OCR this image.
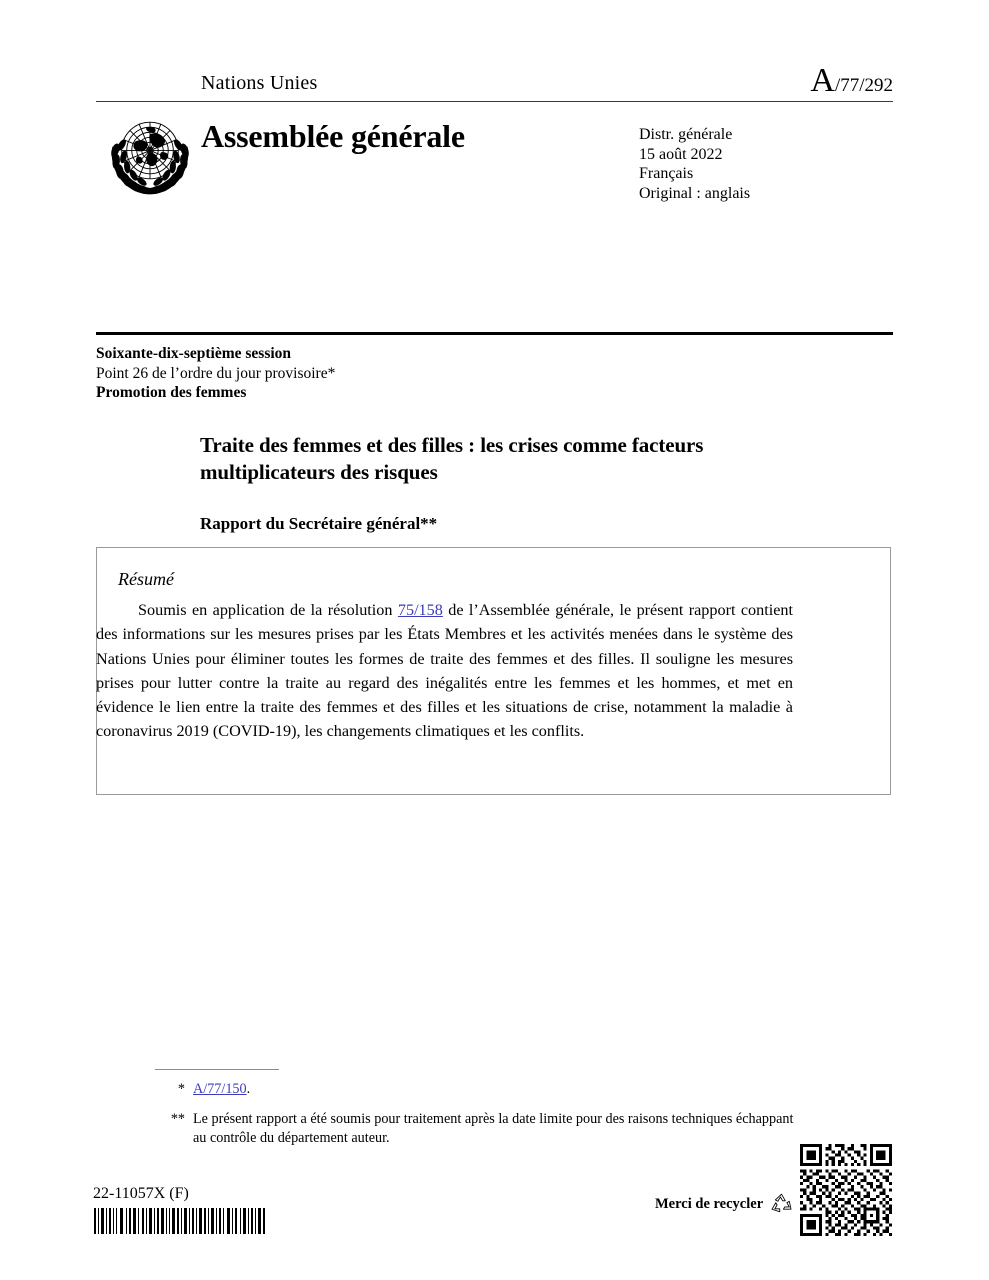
Nations Unies	A/77/292
Assemblée générale	Distr. générale
15 août 2022
Français
Original : anglais
Soixante-dix-septième session
Point 26 de l’ordre du jour provisoire*
Promotion des femmes
Traite des femmes et des filles : les crises comme facteurs multiplicateurs des risques
Rapport du Secrétaire général**
Résumé
Soumis en application de la résolution 75/158 de l’Assemblée générale, le présent rapport contient des informations sur les mesures prises par les États Membres et les activités menées dans le système des Nations Unies pour éliminer toutes les formes de traite des femmes et des filles. Il souligne les mesures prises pour lutter contre la traite au regard des inégalités entre les femmes et les hommes, et met en évidence le lien entre la traite des femmes et des filles et les situations de crise, notamment la maladie à coronavirus 2019 (COVID-19), les changements climatiques et les conflits.
* A/77/150.
** Le présent rapport a été soumis pour traitement après la date limite pour des raisons techniques échappant au contrôle du département auteur.
22-11057X (F)
Merci de recycler
